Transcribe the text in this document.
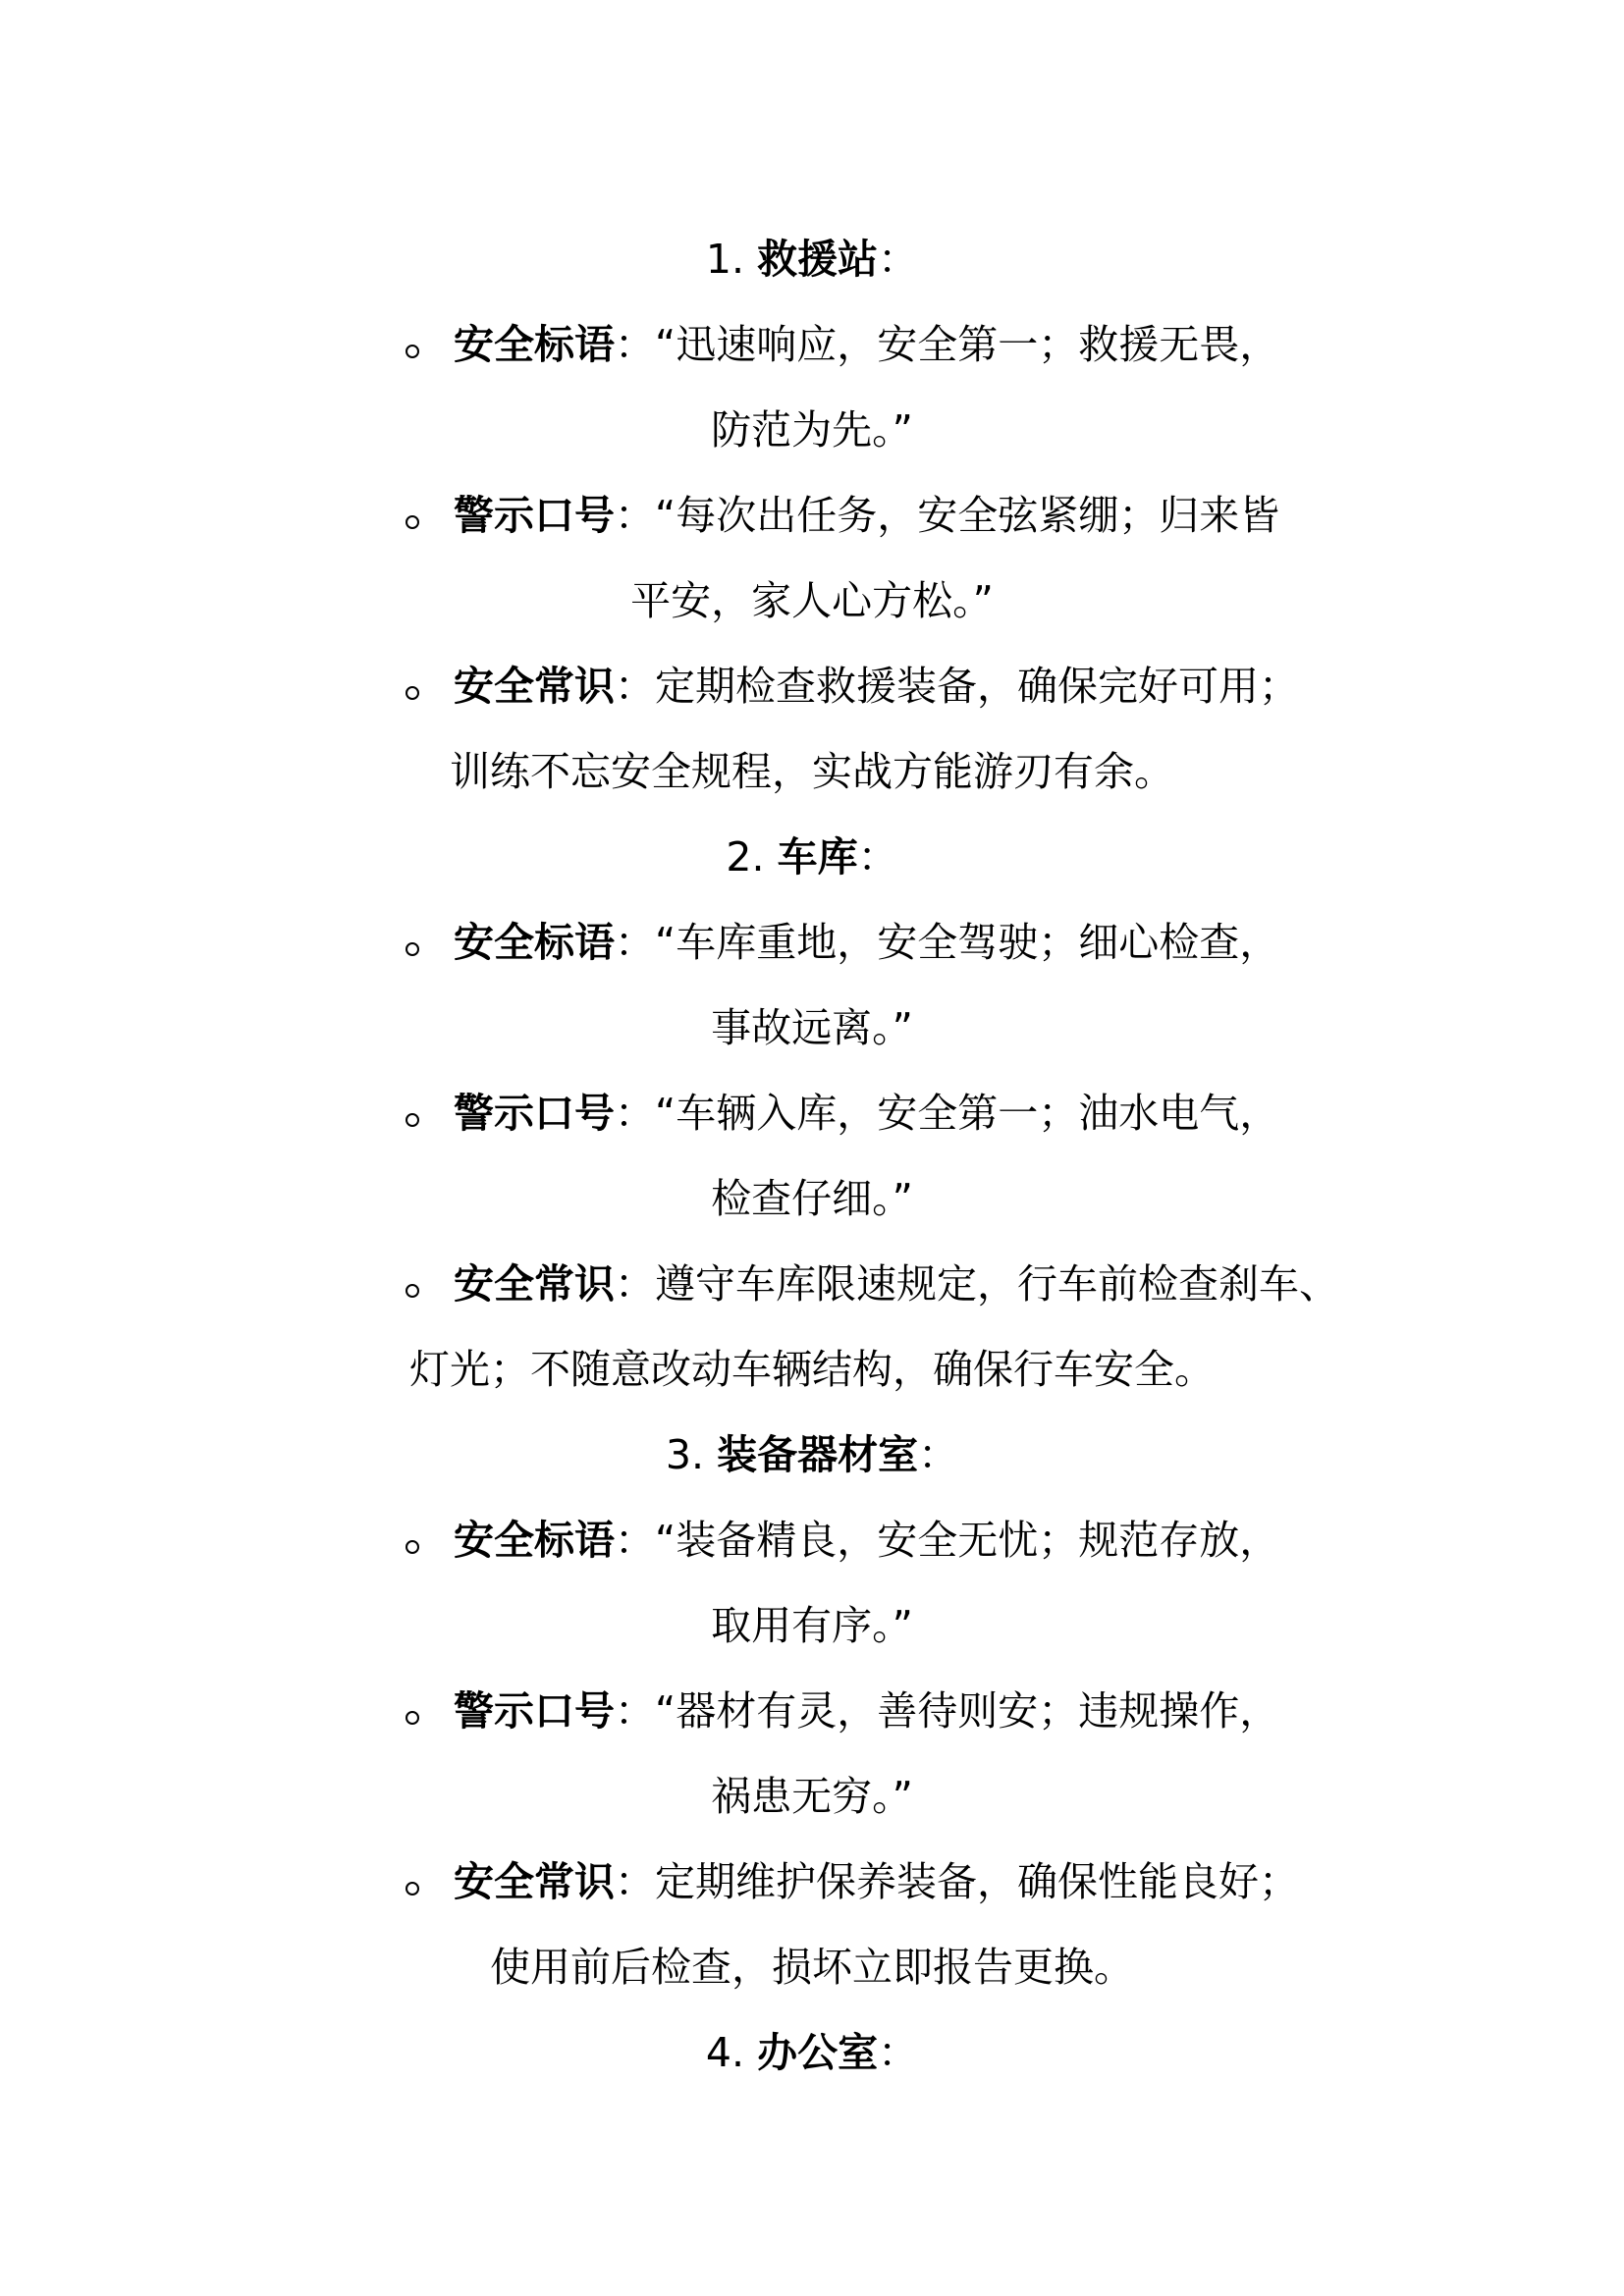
1. 救援站：
安全标语：“迅速响应，安全第一；救援无畏，
防范为先。”
警示口号：“每次出任务，安全弦紧绷；归来皆
平安，家人心方松。”
安全常识：定期检查救援装备，确保完好可用；
训练不忘安全规程，实战方能游刃有余。
2. 车库：
安全标语：“车库重地，安全驾驶；细心检查，
事故远离。”
警示口号：“车辆入库，安全第一；油水电气，
检查仔细。”
安全常识：遵守车库限速规定，行车前检查刹车、
灯光；不随意改动车辆结构，确保行车安全。
3. 装备器材室：
安全标语：“装备精良，安全无忧；规范存放，
取用有序。”
警示口号：“器材有灵，善待则安；违规操作，
祸患无穷。”
安全常识：定期维护保养装备，确保性能良好；
使用前后检查，损坏立即报告更换。
4. 办公室：
